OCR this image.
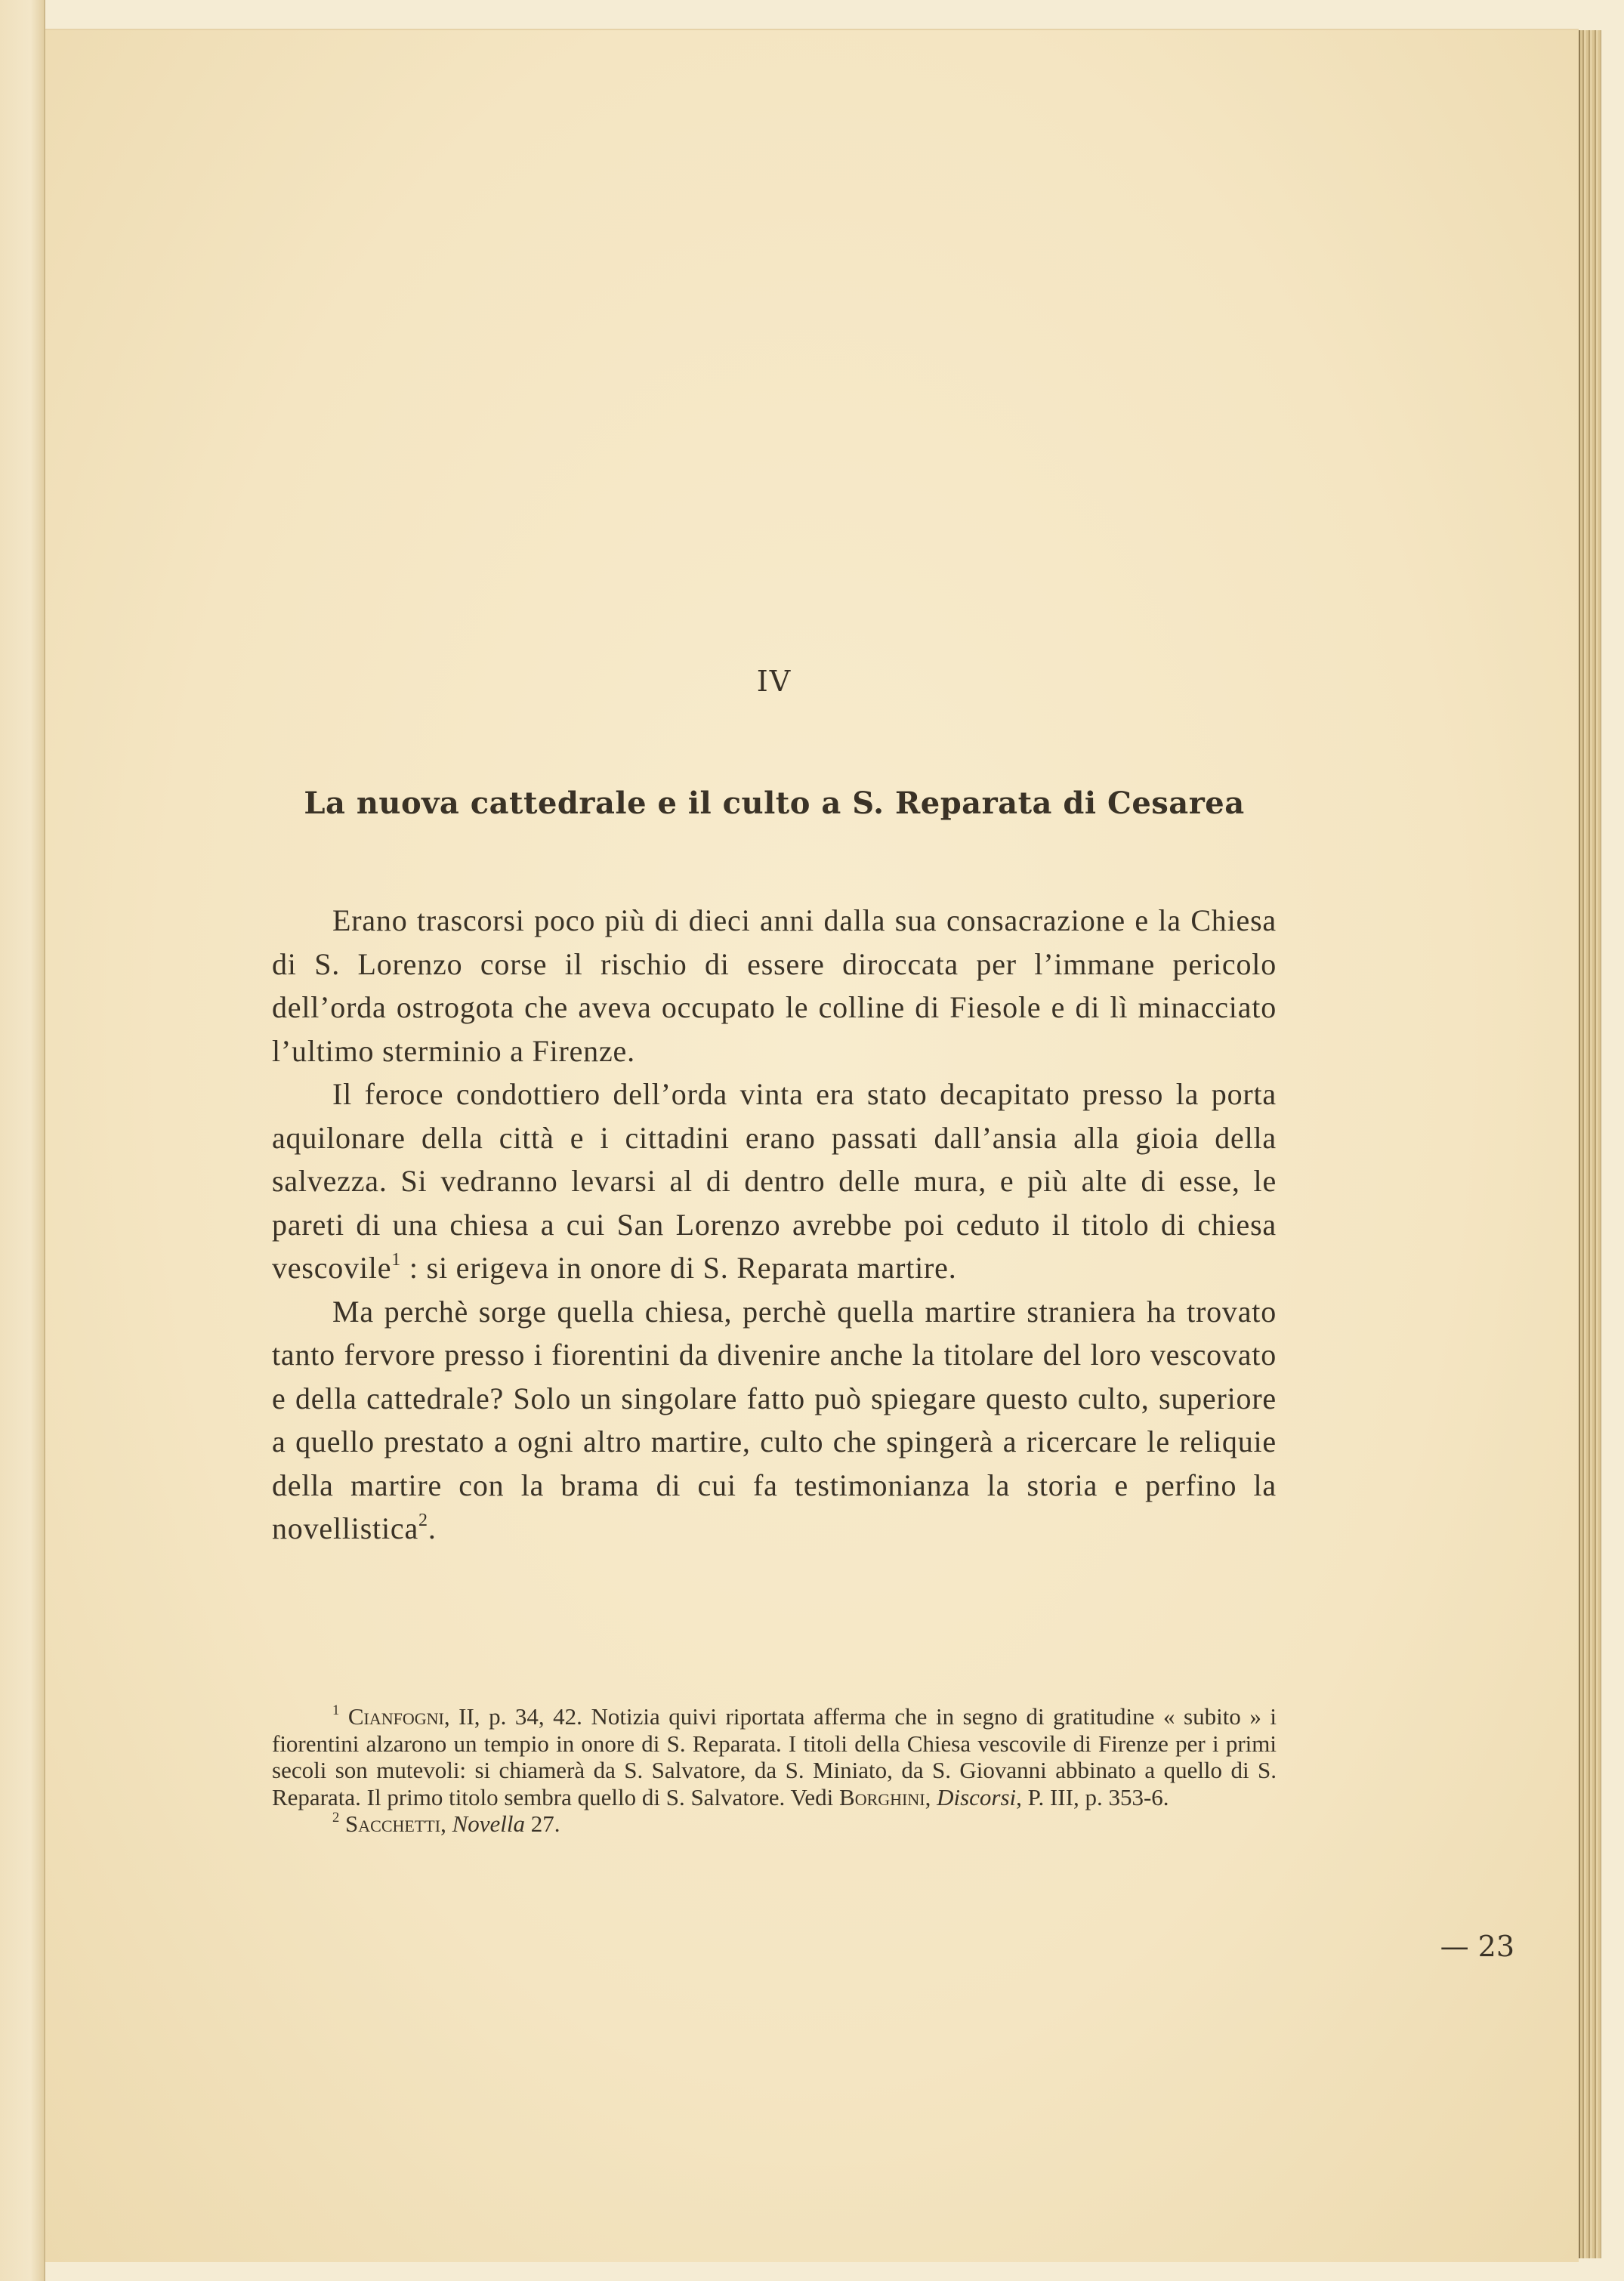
IV
La nuova cattedrale e il culto a S. Reparata di Cesarea

Erano trascorsi poco più di dieci anni dalla sua consacrazione e la Chiesa di S. Lorenzo corse il rischio di essere diroccata per l’immane pericolo dell’orda ostrogota che aveva occupato le colline di Fiesole e di lì minacciato l’ultimo sterminio a Firenze.

Il feroce condottiero dell’orda vinta era stato decapitato presso la porta aquilonare della città e i cittadini erano passati dall’ansia alla gioia della salvezza. Si vedranno levarsi al di dentro delle mura, e più alte di esse, le pareti di una chiesa a cui San Lorenzo avrebbe poi ceduto il titolo di chiesa vescovile$^1$ : si erigeva in onore di S. Reparata martire.

Ma perchè sorge quella chiesa, perchè quella martire straniera ha trovato tanto fervore presso i fiorentini da divenire anche la titolare del loro vescovato e della cattedrale? Solo un singolare fatto può spiegare questo culto, superiore a quello prestato a ogni altro martire, culto che spingerà a ricercare le reliquie della martire con la brama di cui fa testimonianza la storia e perfino la novellistica$^2$.

$^1$ Cianfogni, II, p. 34, 42. Notizia quivi riportata afferma che in segno di gratitudine « subito » i fiorentini alzarono un tempio in onore di S. Reparata. I titoli della Chiesa vescovile di Firenze per i primi secoli son mutevoli: si chiamerà da S. Salvatore, da S. Miniato, da S. Giovanni abbinato a quello di S. Reparata. Il primo titolo sembra quello di S. Salvatore. Vedi Borghini, Discorsi, P. III, p. 353-6.

$^2$ Sacchetti, Novella 27.

— 23
